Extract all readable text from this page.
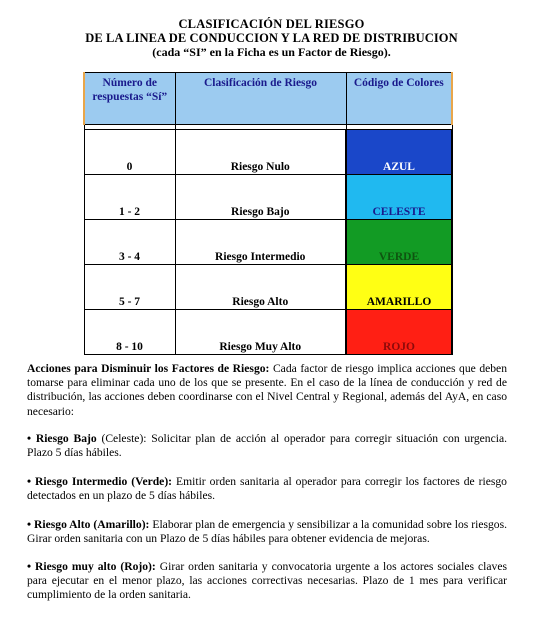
CLASIFICACIÓN DEL RIESGO
DE LA LINEA DE CONDUCCION Y LA RED DE DISTRIBUCION
(cada “SI” en la Ficha es un Factor de Riesgo).
Número de respuestas “Sí”	Clasificación de Riesgo	Código de Colores

0	Riesgo Nulo	AZUL
1 - 2	Riesgo Bajo	CELESTE
3 - 4	Riesgo Intermedio	VERDE
5 - 7	Riesgo Alto	AMARILLO
8 - 10	Riesgo Muy Alto	ROJO
Acciones para Disminuir los Factores de Riesgo: Cada factor de riesgo implica acciones que deben tomarse para eliminar cada uno de los que se presente. En el caso de la línea de conducción y red de distribución, las acciones deben coordinarse con el Nivel Central y Regional, además del AyA, en caso necesario:
• Riesgo Bajo (Celeste): Solicitar plan de acción al operador para corregir situación con urgencia. Plazo 5 días hábiles.
• Riesgo Intermedio (Verde): Emitir orden sanitaria al operador para corregir los factores de riesgo detectados en un plazo de 5 días hábiles.
• Riesgo Alto (Amarillo): Elaborar plan de emergencia y sensibilizar a la comunidad sobre los riesgos. Girar orden sanitaria con un Plazo de 5 días hábiles para obtener evidencia de mejoras.
• Riesgo muy alto (Rojo): Girar orden sanitaria y convocatoria urgente a los actores sociales claves para ejecutar en el menor plazo, las acciones correctivas necesarias. Plazo de 1 mes para verificar cumplimiento de la orden sanitaria.
